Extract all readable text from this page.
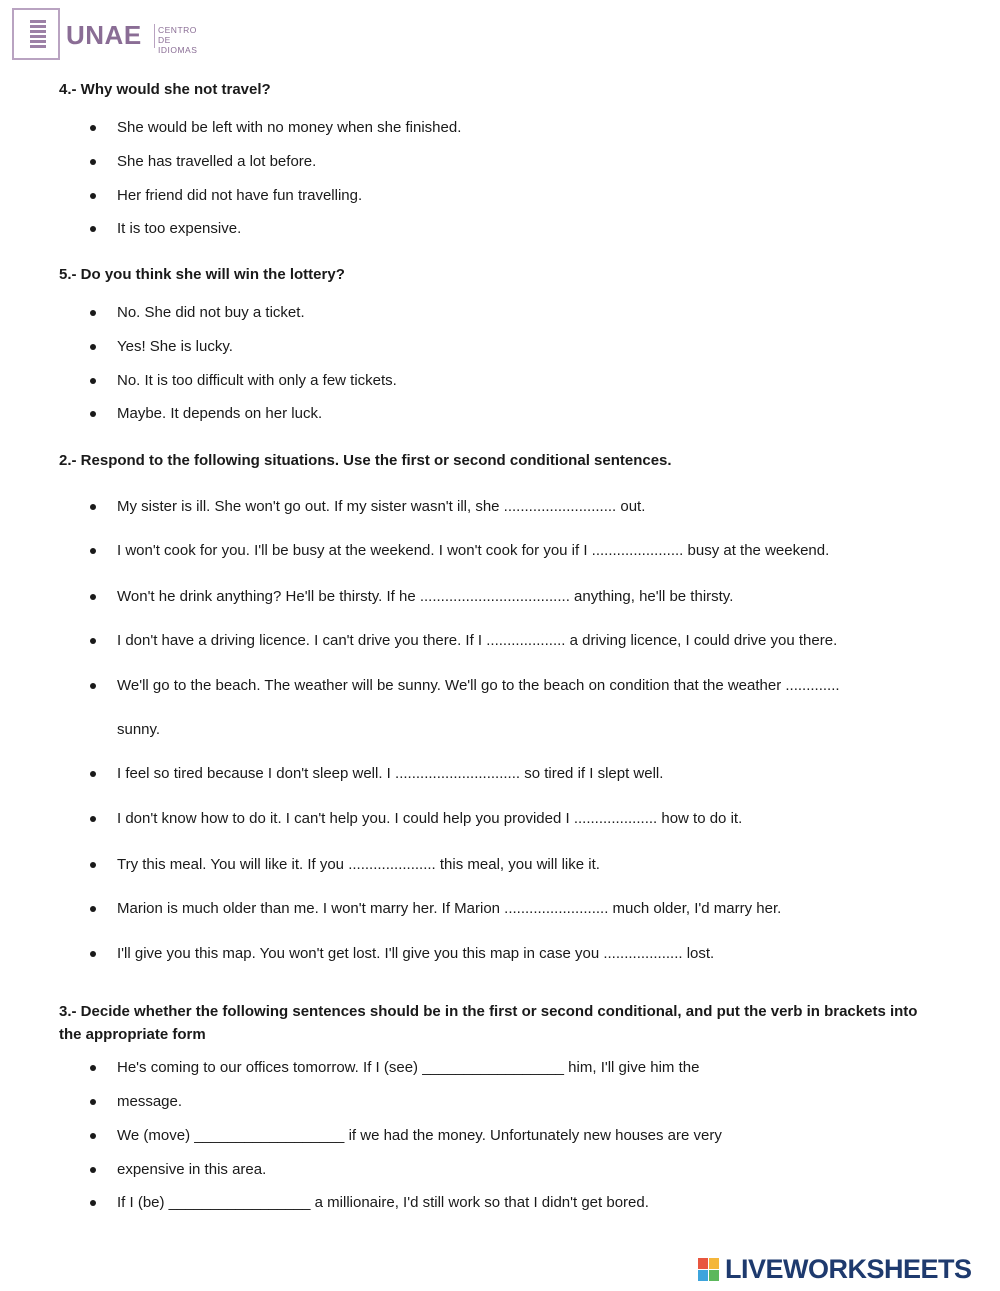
UNAE CENTRO
DE IDIOMAS
4.- Why would she not travel?
She would be left with no money when she finished.
She has travelled a lot before.
Her friend did not have fun travelling.
It is too expensive.
5.- Do you think she will win the lottery?
No. She did not buy a ticket.
Yes! She is lucky.
No. It is too difficult with only a few tickets.
Maybe. It depends on her luck.
2.- Respond to the following situations. Use the first or second conditional sentences.
My sister is ill. She won't go out. If my sister wasn't ill, she ........................... out.
I won't cook for you. I'll be busy at the weekend. I won't cook for you if I ...................... busy at the weekend.
Won't he drink anything? He'll be thirsty. If he .................................... anything, he'll be thirsty.
I don't have a driving licence. I can't drive you there. If I ................... a driving licence, I could drive you there.
We'll go to the beach. The weather will be sunny. We'll go to the beach on condition that the weather .............
sunny.
I feel so tired because I don't sleep well. I .............................. so tired if I slept well.
I don't know how to do it. I can't help you. I could help you provided I .................... how to do it.
Try this meal. You will like it. If you ..................... this meal, you will like it.
Marion is much older than me. I won't marry her. If Marion ......................... much older, I'd marry her.
I'll give you this map. You won't get lost. I'll give you this map in case you ................... lost.
3.- Decide whether the following sentences should be in the first or second conditional, and put the verb in brackets into the appropriate form
He's coming to our offices tomorrow. If I (see) _________________ him, I'll give him the
message.
We (move) __________________ if we had the money. Unfortunately new houses are very
expensive in this area.
If I (be) _________________ a millionaire, I'd still work so that I didn't get bored.
LIVEWORKSHEETS
